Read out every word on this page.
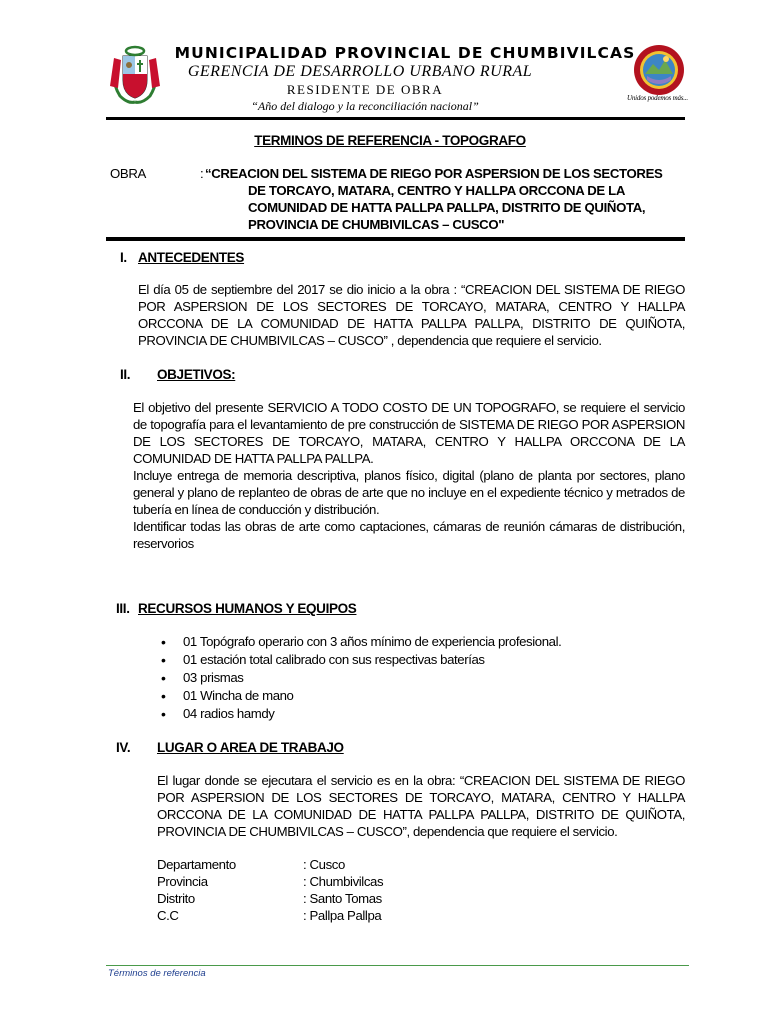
MUNICIPALIDAD PROVINCIAL DE CHUMBIVILCAS
GERENCIA DE DESARROLLO URBANO RURAL
RESIDENTE DE OBRA
“Año del dialogo y la reconciliación nacional”
Unidos podemos más...
TERMINOS DE REFERENCIA - TOPOGRAFO
OBRA	: “CREACION DEL SISTEMA DE RIEGO POR ASPERSION DE LOS SECTORES
DE TORCAYO, MATARA, CENTRO Y HALLPA ORCCONA DE LA
COMUNIDAD DE HATTA PALLPA PALLPA, DISTRITO DE QUIÑOTA,
PROVINCIA DE CHUMBIVILCAS – CUSCO"
I. ANTECEDENTES
El día 05 de septiembre del 2017 se dio inicio a la obra : “CREACION DEL SISTEMA DE RIEGO POR ASPERSION DE LOS SECTORES DE TORCAYO, MATARA, CENTRO Y HALLPA ORCCONA DE LA COMUNIDAD DE HATTA PALLPA PALLPA, DISTRITO DE QUIÑOTA, PROVINCIA DE CHUMBIVILCAS – CUSCO” , dependencia que requiere el servicio.
II. OBJETIVOS:
El objetivo del presente SERVICIO A TODO COSTO DE UN TOPOGRAFO, se requiere el servicio de topografía para el levantamiento de pre construcción de SISTEMA DE RIEGO POR ASPERSION DE LOS SECTORES DE TORCAYO, MATARA, CENTRO Y HALLPA ORCCONA DE LA COMUNIDAD DE HATTA PALLPA PALLPA.
Incluye entrega de memoria descriptiva, planos físico, digital (plano de planta por sectores, plano general y plano de replanteo de obras de arte que no incluye en el expediente técnico y metrados de tubería en línea de conducción y distribución.
Identificar todas las obras de arte como captaciones, cámaras de reunión cámaras de distribución, reservorios
III. RECURSOS HUMANOS Y EQUIPOS
• 01 Topógrafo operario con 3 años mínimo de experiencia profesional.
• 01 estación total calibrado con sus respectivas baterías
• 03 prismas
• 01 Wincha de mano
• 04 radios hamdy
IV. LUGAR O AREA DE TRABAJO
El lugar donde se ejecutara el servicio es en la obra: “CREACION DEL SISTEMA DE RIEGO POR ASPERSION DE LOS SECTORES DE TORCAYO, MATARA, CENTRO Y HALLPA ORCCONA DE LA COMUNIDAD DE HATTA PALLPA PALLPA, DISTRITO DE QUIÑOTA, PROVINCIA DE CHUMBIVILCAS – CUSCO”, dependencia que requiere el servicio.
Departamento	: Cusco
Provincia	: Chumbivilcas
Distrito	: Santo Tomas
C.C	: Pallpa Pallpa
Términos de referencia
